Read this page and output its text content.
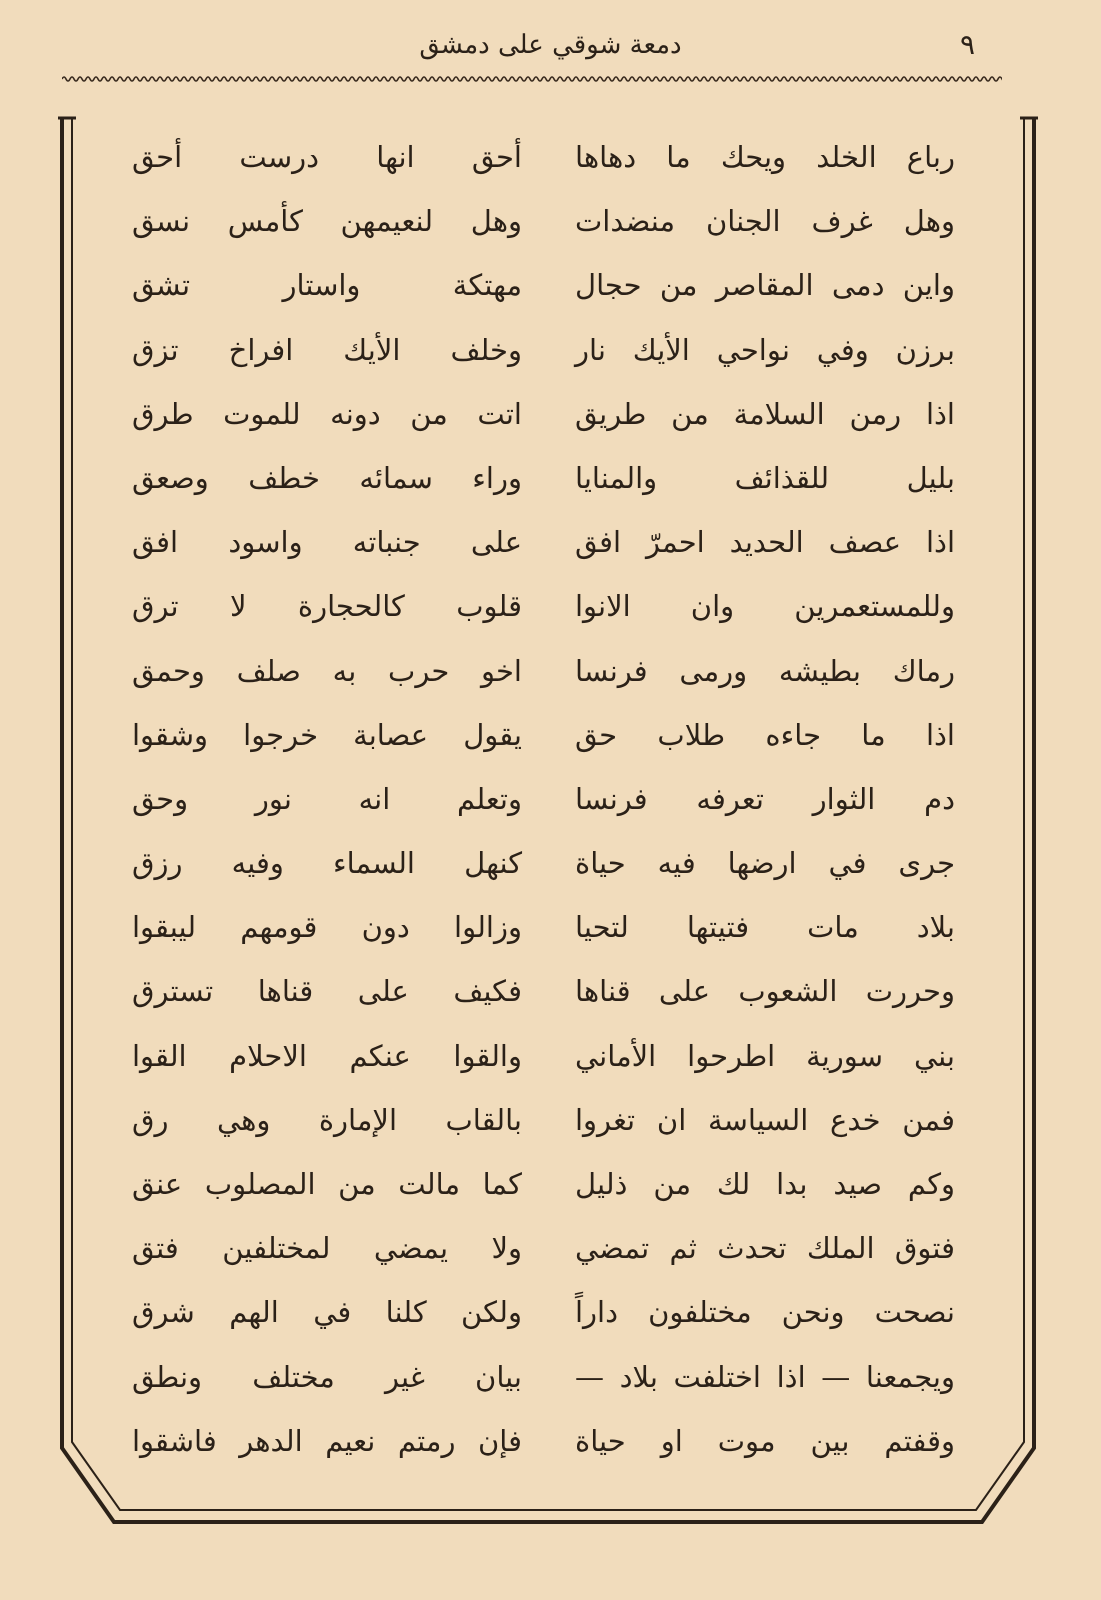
دمعة شوقي على دمشق	٩
رباع الخلد ويحك ما دهاها
وهل غرف الجنان منضدات
واين دمى المقاصر من حجال
برزن وفي نواحي الأيك نار
اذا رمن السلامة من طريق
بليل للقذائف والمنايا
اذا عصف الحديد احمرّ افق
وللمستعمرين وان الانوا
رماك بطيشه ورمى فرنسا
اذا ما جاءه طلاب حق
دم الثوار تعرفه فرنسا
جرى في ارضها فيه حياة
بلاد مات فتيتها لتحيا
وحررت الشعوب على قناها
بني سورية اطرحوا الأماني
فمن خدع السياسة ان تغروا
وكم صيد بدا لك من ذليل
فتوق الملك تحدث ثم تمضي
نصحت ونحن مختلفون داراً
ويجمعنا — اذا اختلفت بلاد —
وقفتم بين موت او حياة
أحق انها درست أحق
وهل لنعيمهن كأمس نسق
مهتكة واستار تشق
وخلف الأيك افراخ تزق
اتت من دونه للموت طرق
وراء سمائه خطف وصعق
على جنباته واسود افق
قلوب كالحجارة لا ترق
اخو حرب به صلف وحمق
يقول عصابة خرجوا وشقوا
وتعلم انه نور وحق
كنهل السماء وفيه رزق
وزالوا دون قومهم ليبقوا
فكيف على قناها تسترق
والقوا عنكم الاحلام القوا
بالقاب الإمارة وهي رق
كما مالت من المصلوب عنق
ولا يمضي لمختلفين فتق
ولكن كلنا في الهم شرق
بيان غير مختلف ونطق
فإن رمتم نعيم الدهر فاشقوا
